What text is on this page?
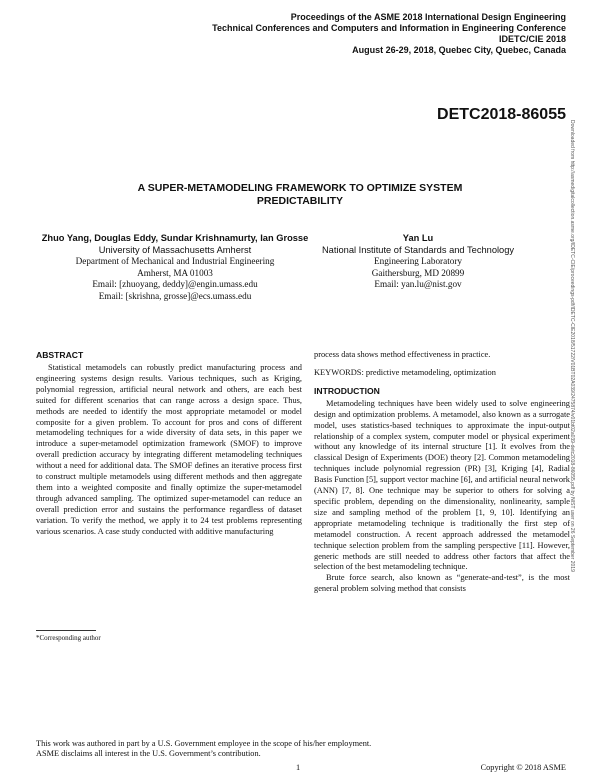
Proceedings of the ASME 2018 International Design Engineering
Technical Conferences and Computers and Information in Engineering Conference
IDETC/CIE 2018
August 26-29, 2018, Quebec City, Quebec, Canada
DETC2018-86055
A SUPER-METAMODELING FRAMEWORK TO OPTIMIZE SYSTEM
PREDICTABILITY
Zhuo Yang, Douglas Eddy, Sundar Krishnamurty, Ian Grosse
University of Massachusetts Amherst
Department of Mechanical and Industrial Engineering
Amherst, MA 01003
Email: [zhuoyang, deddy]@engin.umass.edu
Email: [skrishna, grosse]@ecs.umass.edu
Yan Lu
National Institute of Standards and Technology
Engineering Laboratory
Gaithersburg, MD 20899
Email: yan.lu@nist.gov
ABSTRACT

Statistical metamodels can robustly predict manufacturing process and engineering systems design results. Various techniques, such as Kriging, polynomial regression, artificial neural network and others, are each best suited for different scenarios that can range across a design space. Thus, methods are needed to identify the most appropriate metamodel or model composite for a given problem. To account for pros and cons of different metamodeling techniques for a wide diversity of data sets, in this paper we introduce a super-metamodel optimization framework (SMOF) to improve overall prediction accuracy by integrating different metamodeling techniques without a need for additional data. The SMOF defines an iterative process first to construct multiple metamodels using different methods and then aggregate them into a weighted composite and finally optimize the super-metamodel through advanced sampling. The optimized super-metamodel can reduce an overall prediction error and sustains the performance regardless of dataset variation. To verify the method, we apply it to 24 test problems representing various scenarios. A case study conducted with additive manufacturing

process data shows method effectiveness in practice.

KEYWORDS: predictive metamodeling, optimization

INTRODUCTION

Metamodeling techniques have been widely used to solve engineering design and optimization problems. A metamodel, also known as a surrogate model, uses statistics-based techniques to approximate the input-output relationship of a complex system, computer model or physical experiment without any knowledge of its internal structure [1]. It evolves from the classical Design of Experiments (DOE) theory [2]. Common metamodeling techniques include polynomial regression (PR) [3], Kriging [4], Radial Basis Function [5], support vector machine [6], and artificial neural network (ANN) [7, 8]. One technique may be superior to others for solving a specific problem, depending on the dimensionality, nonlinearity, sample size and sampling method of the problem [1, 9, 10]. Identifying an appropriate metamodeling technique is traditionally the first step of metamodel construction. A recent approach addressed the metamodel technique selection problem from the sampling perspective [11]. However, generic methods are still needed to address other factors that affect the selection of the best metamodeling technique.

Brute force search, also known as “generate-and-test”, is the most general problem solving method that consists

*Corresponding author
This work was authored in part by a U.S. Government employee in the scope of his/her employment.
ASME disclaims all interest in the U.S. Government’s contribution.
1	Copyright © 2018 ASME
Downloaded from http://asmedigitalcollection.asme.org/IDETC-CIE/proceedings-pdf/IDETC-CIE2018/51722/V01BT02A039/2475874/v01bt02a039-detc2018-86055.pdf by NIST user on 26 September 2019
